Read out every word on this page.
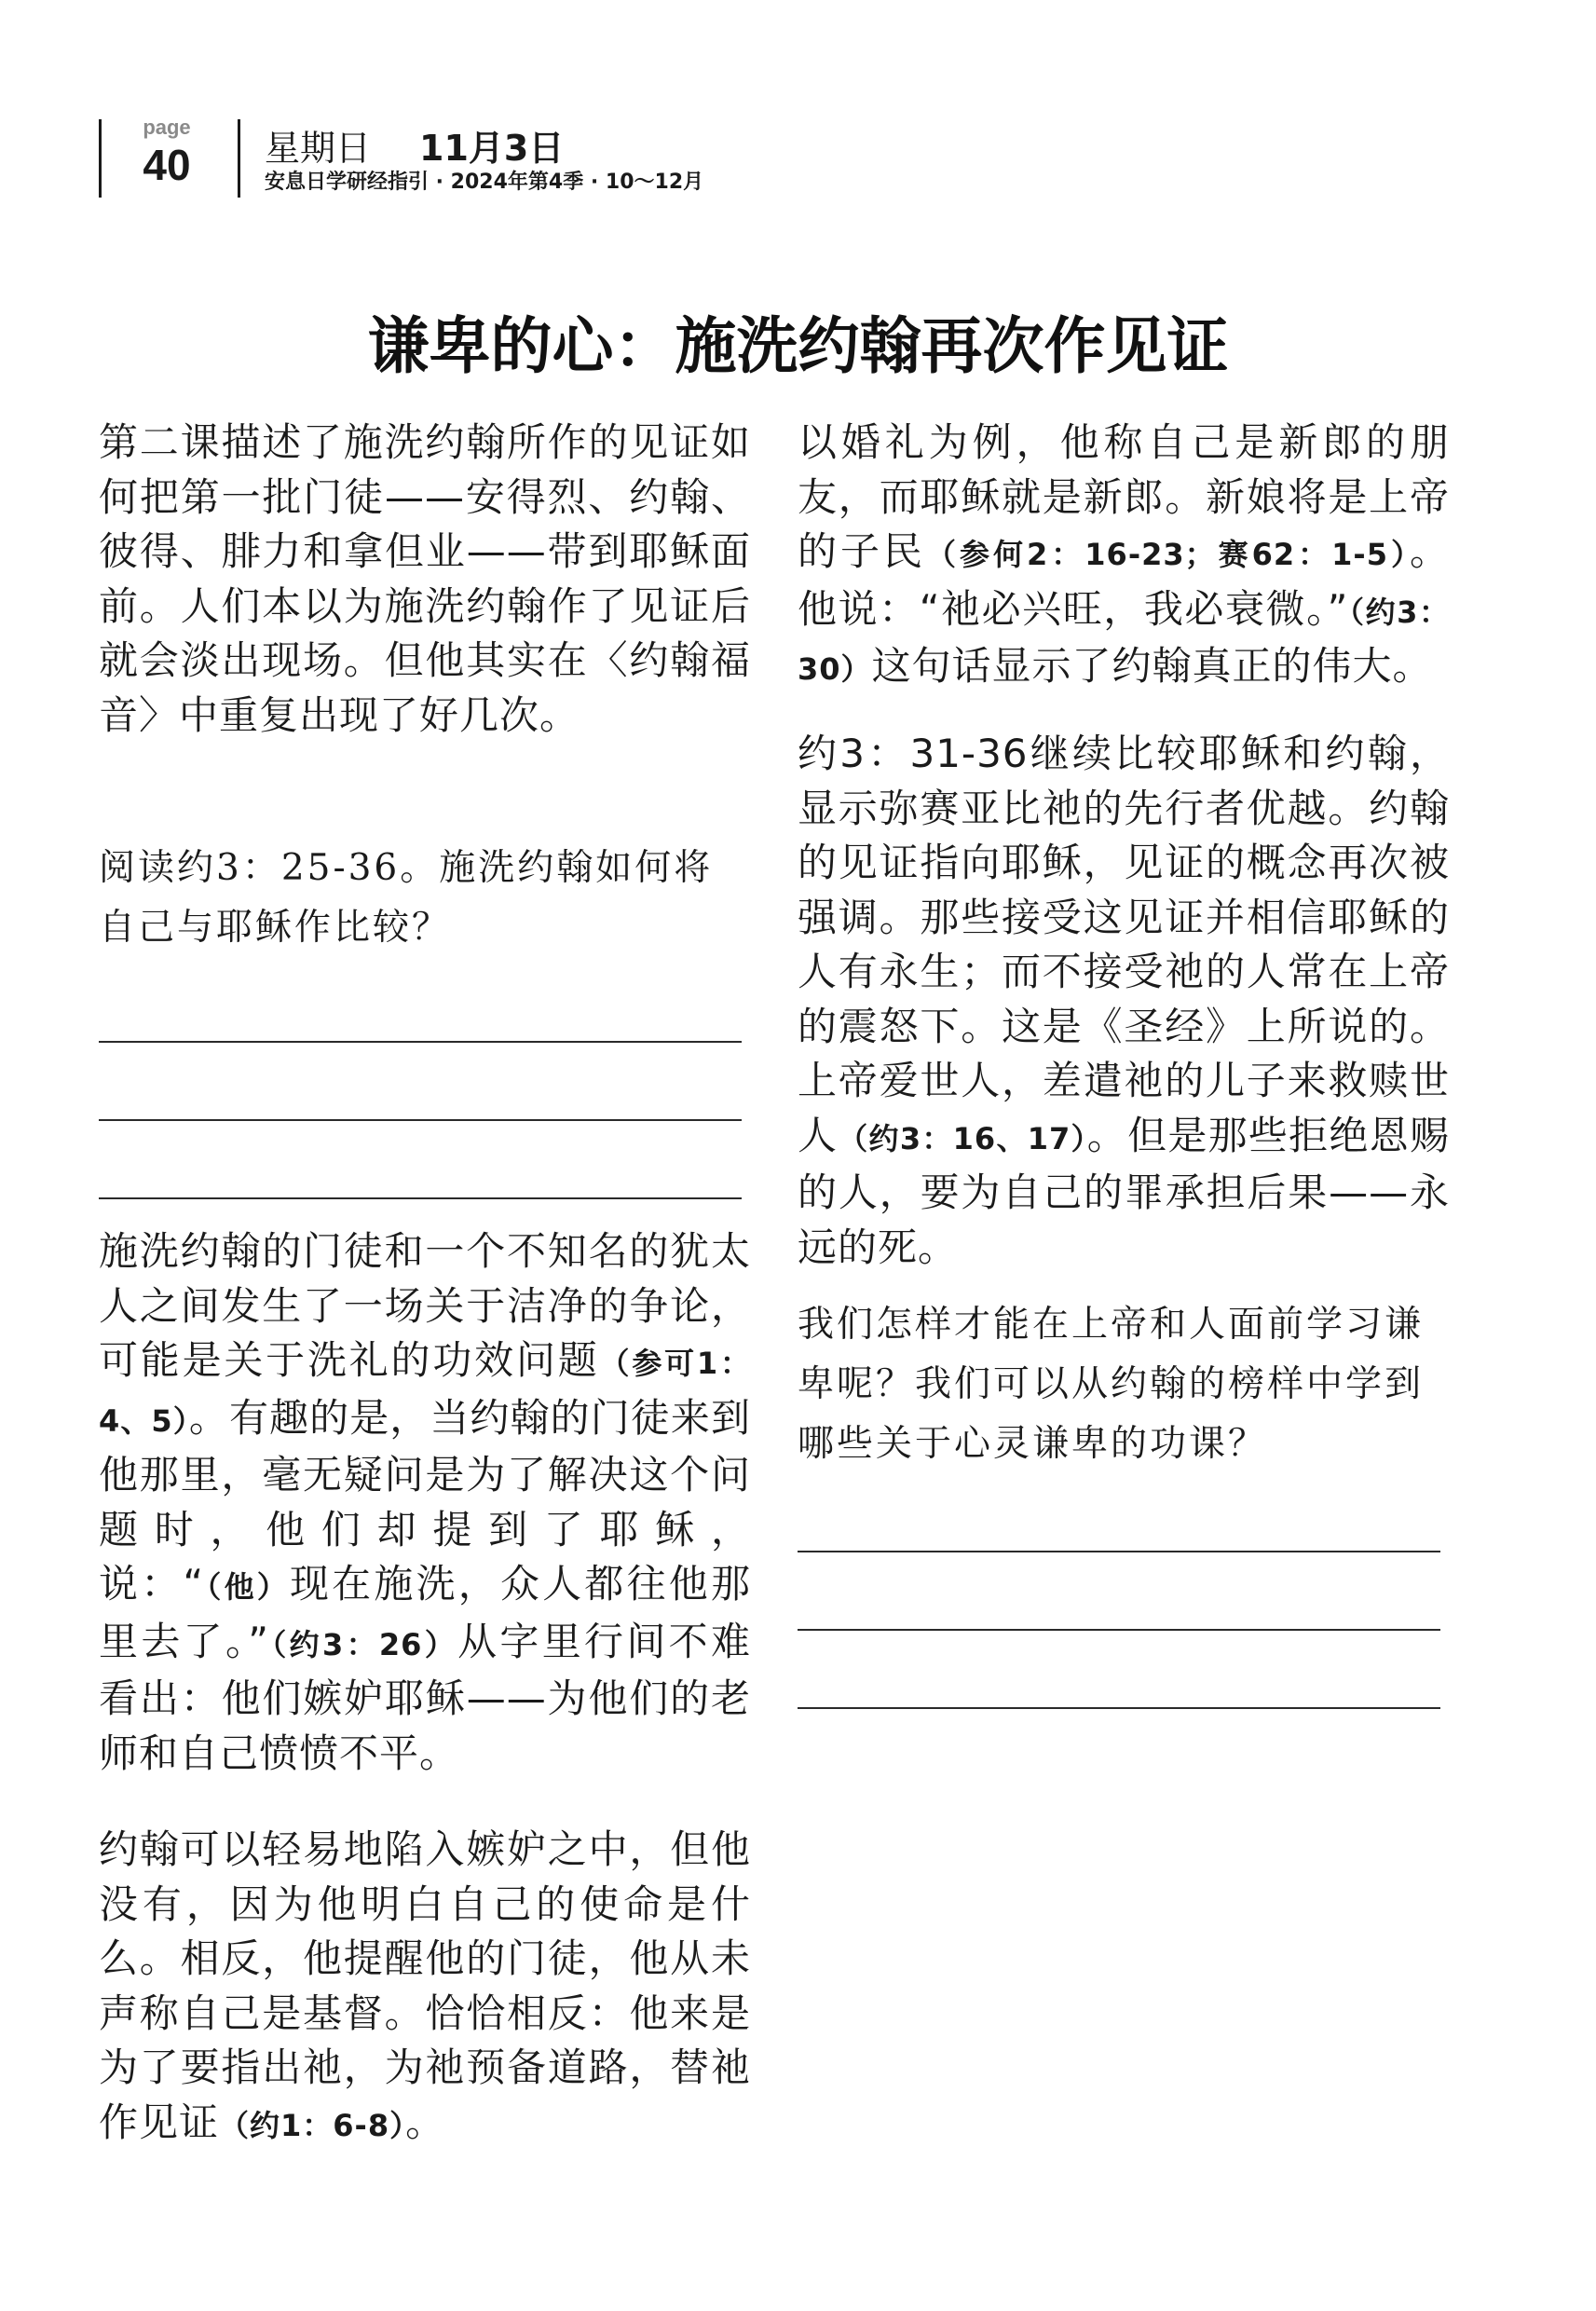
page
40	星期日 11月3日
安息日学研经指引 · 2024年第4季 · 10～12月
谦卑的心：施洗约翰再次作见证

第二课描述了施洗约翰所作的见证如何把第一批门徒——安得烈、约翰、彼得、腓力和拿但业——带到耶稣面前。人们本以为施洗约翰作了见证后就会淡出现场。但他其实在〈约翰福音〉中重复出现了好几次。

阅读约3：25-36。施洗约翰如何将自己与耶稣作比较？

施洗约翰的门徒和一个不知名的犹太人之间发生了一场关于洁净的争论，可能是关于洗礼的功效问题（参可1：4、5）。有趣的是，当约翰的门徒来到他那里，毫无疑问是为了解决这个问题时，他们却提到了耶稣，说：“（他）现在施洗，众人都往他那里去了。”（约3：26）从字里行间不难看出：他们嫉妒耶稣——为他们的老师和自己愤愤不平。

约翰可以轻易地陷入嫉妒之中，但他没有，因为他明白自己的使命是什么。相反，他提醒他的门徒，他从未声称自己是基督。恰恰相反：他来是为了要指出祂，为祂预备道路，替祂作见证（约1：6-8）。

以婚礼为例，他称自己是新郎的朋友，而耶稣就是新郎。新娘将是上帝的子民（参何2：16-23；赛62：1-5）。他说：“祂必兴旺，我必衰微。”（约3：30）这句话显示了约翰真正的伟大。

约3：31-36继续比较耶稣和约翰，显示弥赛亚比祂的先行者优越。约翰的见证指向耶稣，见证的概念再次被强调。那些接受这见证并相信耶稣的人有永生；而不接受祂的人常在上帝的震怒下。这是《圣经》上所说的。上帝爱世人，差遣祂的儿子来救赎世人（约3：16、17）。但是那些拒绝恩赐的人，要为自己的罪承担后果——永远的死。

我们怎样才能在上帝和人面前学习谦卑呢？我们可以从约翰的榜样中学到哪些关于心灵谦卑的功课？
